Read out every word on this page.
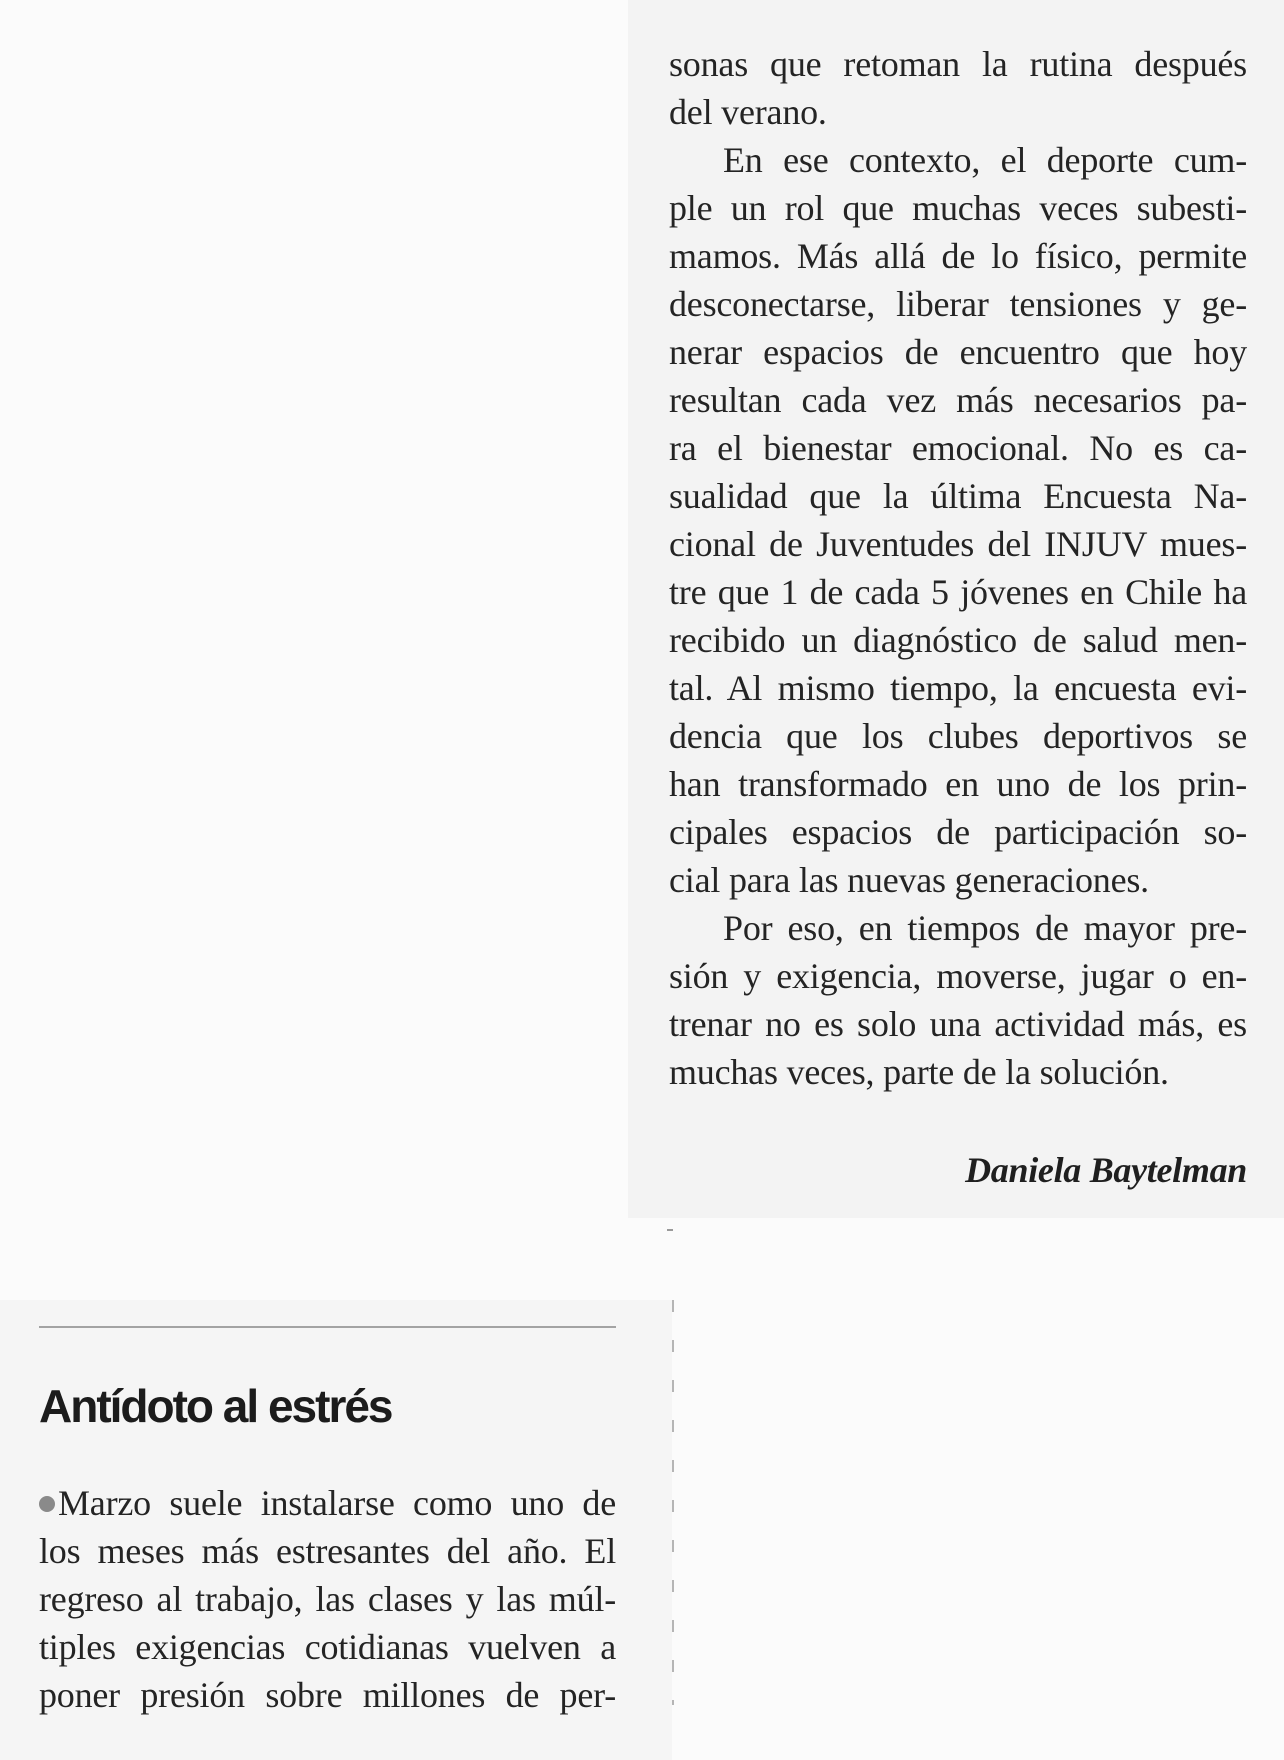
sonas que retoman la rutina después
del verano.
En ese contexto, el deporte cum-
ple un rol que muchas veces subesti-
mamos. Más allá de lo físico, permite
desconectarse, liberar tensiones y ge-
nerar espacios de encuentro que hoy
resultan cada vez más necesarios pa-
ra el bienestar emocional. No es ca-
sualidad que la última Encuesta Na-
cional de Juventudes del INJUV mues-
tre que 1 de cada 5 jóvenes en Chile ha
recibido un diagnóstico de salud men-
tal. Al mismo tiempo, la encuesta evi-
dencia que los clubes deportivos se
han transformado en uno de los prin-
cipales espacios de participación so-
cial para las nuevas generaciones.
Por eso, en tiempos de mayor pre-
sión y exigencia, moverse, jugar o en-
trenar no es solo una actividad más, es
muchas veces, parte de la solución.
Daniela Baytelman
Antídoto al estrés
Marzo suele instalarse como uno de
los meses más estresantes del año. El
regreso al trabajo, las clases y las múl-
tiples exigencias cotidianas vuelven a
poner presión sobre millones de per-
